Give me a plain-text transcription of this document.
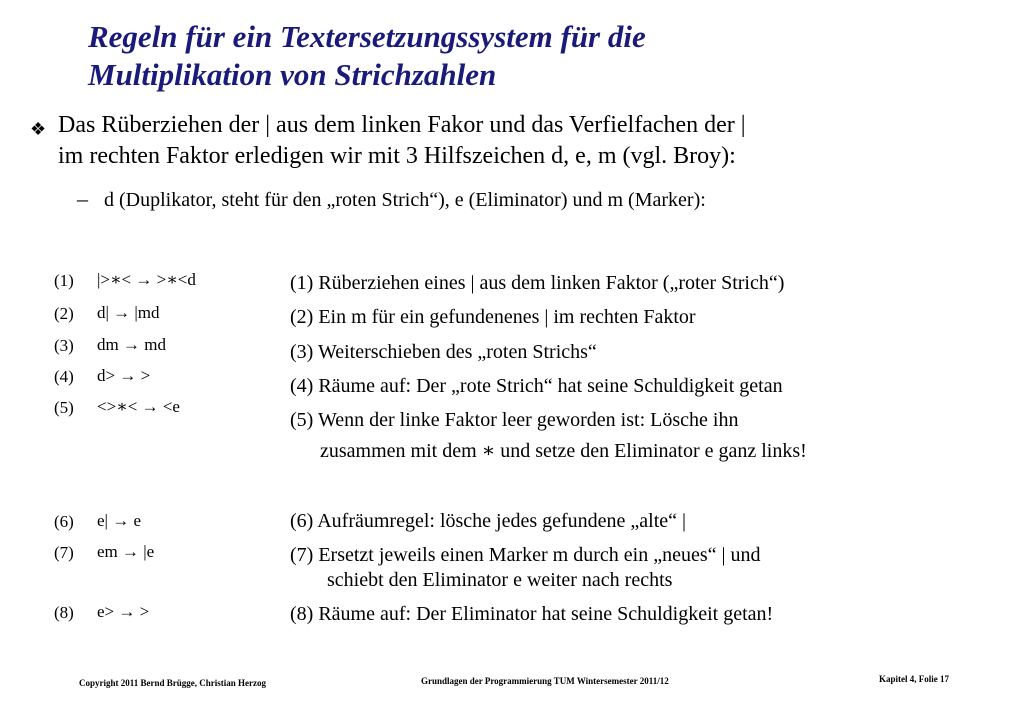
Regeln für ein Textersetzungssystem für die
Multiplikation von Strichzahlen
❖ Das Rüberziehen der | aus dem linken Fakor und das Verfielfachen der |
im rechten Faktor erledigen wir mit 3 Hilfszeichen d, e, m (vgl. Broy):
– d (Duplikator, steht für den „roten Strich“), e (Eliminator) und m (Marker):
(1) |>∗< → >∗<d
(2) d| → |md
(3) dm → md
(4) d> → >
(5) <>∗< → <e
(6) e| → e
(7) em → |e
(8) e> → >
(1) Rüberziehen eines | aus dem linken Faktor („roter Strich“)
(2) Ein m für ein gefundenenes | im rechten Faktor
(3) Weiterschieben des „roten Strichs“
(4) Räume auf: Der „rote Strich“ hat seine Schuldigkeit getan
(5) Wenn der linke Faktor leer geworden ist: Lösche ihn
zusammen mit dem ∗ und setze den Eliminator e ganz links!
(6) Aufräumregel: lösche jedes gefundene „alte“ |
(7) Ersetzt jeweils einen Marker m durch ein „neues“ | und
schiebt den Eliminator e weiter nach rechts
(8) Räume auf: Der Eliminator hat seine Schuldigkeit getan!
Copyright 2011 Bernd Brügge, Christian Herzog	Grundlagen der Programmierung TUM Wintersemester 2011/12	Kapitel 4, Folie 17
